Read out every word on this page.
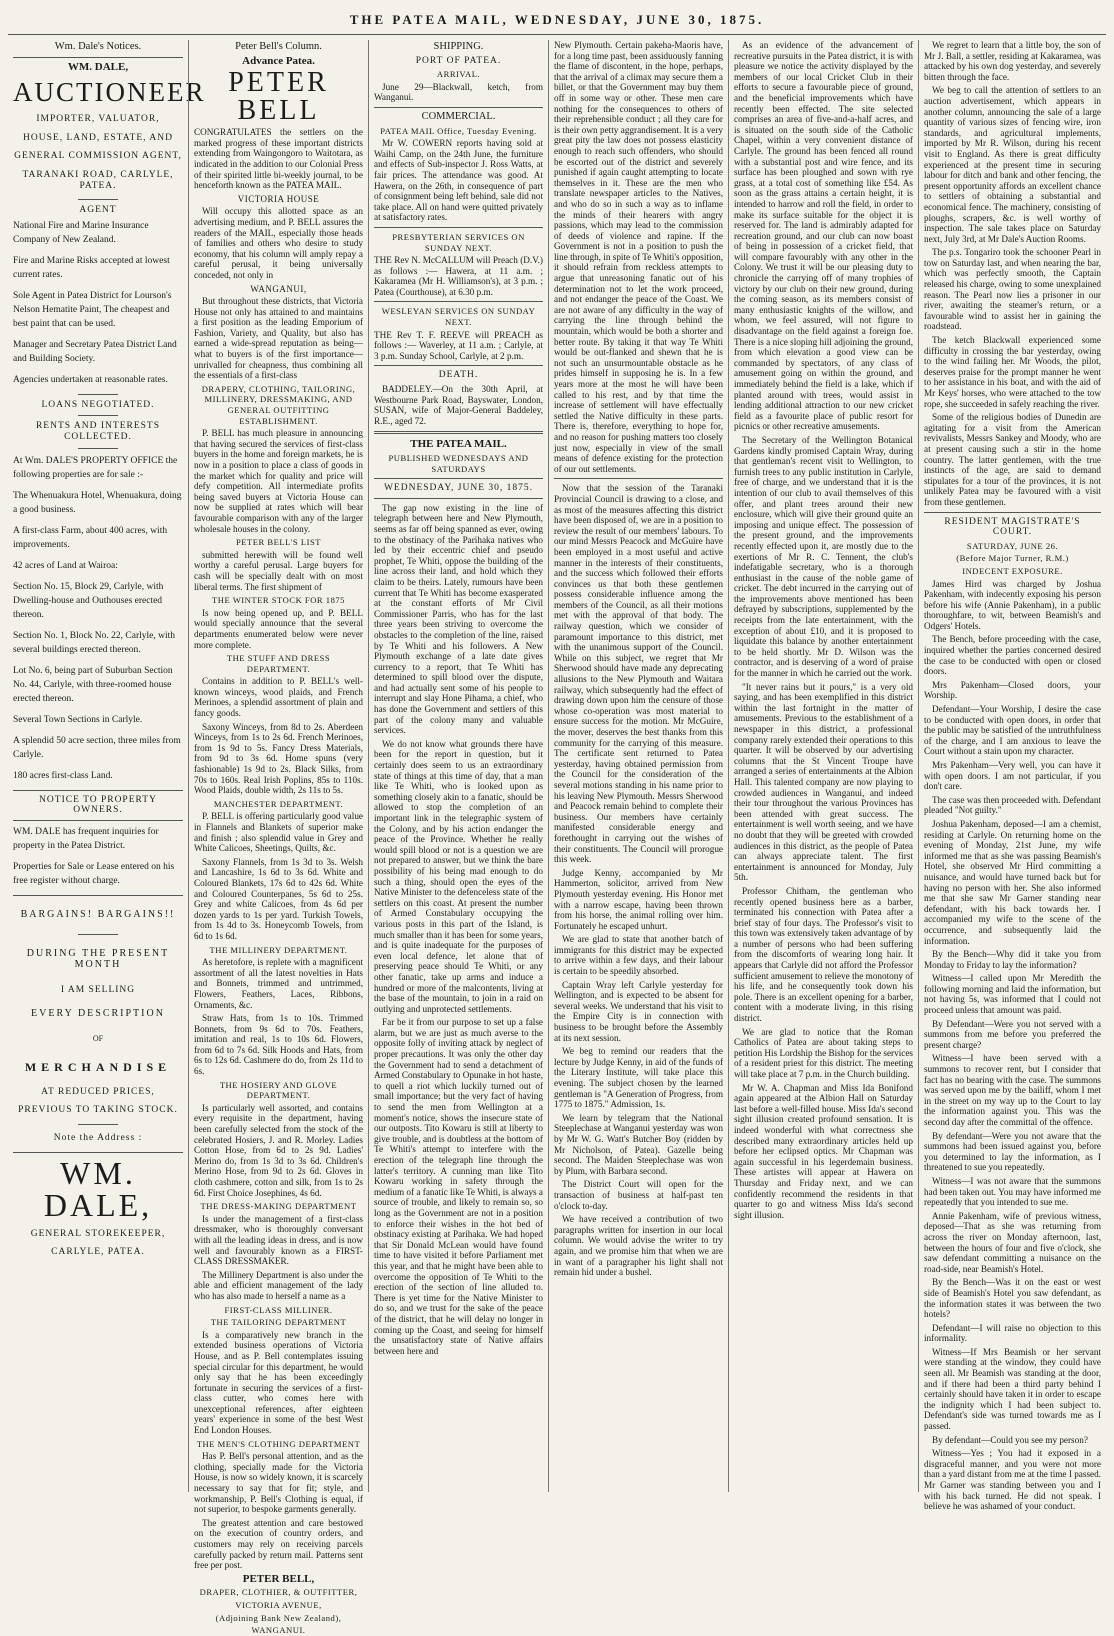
THE PATEA MAIL, WEDNESDAY, JUNE 30, 1875.
Wm. Dale's Notices.
WM. DALE,
AUCTIONEER
IMPORTER, VALUATOR,
HOUSE, LAND, ESTATE, AND
GENERAL COMMISSION AGENT,
TARANAKI ROAD, CARLYLE, PATEA.
AGENT

National Fire and Marine Insurance Company of New Zealand.

Fire and Marine Risks accepted at lowest current rates.

Sole Agent in Patea District for Lourson's Nelson Hematite Paint, The cheapest and best paint that can be used.

Manager and Secretary Patea District Land and Building Society.

Agencies undertaken at reasonable rates.

LOANS NEGOTIATED.
RENTS AND INTERESTS COLLECTED.

At Wm. DALE'S PROPERTY OFFICE the following properties are for sale :-

The Whenuakura Hotel, Whenuakura, doing a good business.

A first-class Farm, about 400 acres, with improvements.

42 acres of Land at Wairoa:

Section No. 15, Block 29, Carlyle, with Dwelling-house and Outhouses erected thereon.

Section No. 1, Block No. 22, Carlyle, with several buildings erected thereon.

Lot No. 6, being part of Suburban Section No. 44, Carlyle, with three-roomed house erected thereon.

Several Town Sections in Carlyle.

A splendid 50 acre section, three miles from Carlyle.

180 acres first-class Land.

NOTICE TO PROPERTY OWNERS.

WM. DALE has frequent inquiries for property in the Patea District.

Properties for Sale or Lease entered on his free register without charge.

BARGAINS! BARGAINS!!
DURING THE PRESENT MONTH
I AM SELLING
EVERY DESCRIPTION
OF
MERCHANDISE
AT REDUCED PRICES,
PREVIOUS TO TAKING STOCK.
Note the Address :
WM. DALE,
GENERAL STOREKEEPER,
CARLYLE, PATEA.
Peter Bell's Column.
Advance Patea.
PETER BELL

CONGRATULATES the settlers on the marked progress of these important districts extending from Waingongoro to Waitotara, as indicated in the addition to our Colonial Press of their spirited little bi-weekly journal, to be henceforth known as the PATEA MAIL.

VICTORIA HOUSE

Will occupy this allotted space as an advertising medium, and P. BELL assures the readers of the MAIL, especially those heads of families and others who desire to study economy, that his column will amply repay a careful perusal, it being universally conceded, not only in

WANGANUI,

But throughout these districts, that Victoria House not only has attained to and maintains a first position as the leading Emporium of Fashion, Variety, and Quality, but also has earned a wide-spread reputation as being—what to buyers is of the first importance—unrivalled for cheapness, thus combining all the essentials of a first-class

DRAPERY, CLOTHING, TAILORING, MILLINERY, DRESSMAKING, AND GENERAL OUTFITTING ESTABLISHMENT.

P. BELL has much pleasure in announcing that having secured the services of first-class buyers in the home and foreign markets, he is now in a position to place a class of goods in the market which for quality and price will defy competition. All intermediate profits being saved buyers at Victoria House can now be supplied at rates which will bear favourable comparison with any of the larger wholesale houses in the colony.

PETER BELL'S LIST

submitted herewith will be found well worthy a careful perusal. Large buyers for cash will be specially dealt with on most liberal terms. The first shipment of

THE WINTER STOCK FOR 1875

Is now being opened up, and P. BELL would specially announce that the several departments enumerated below were never more complete.

THE STUFF AND DRESS DEPARTMENT.

Contains in addition to P. BELL's well-known winceys, wood plaids, and French Merinoes, a splendid assortment of plain and fancy goods.

Saxony Winceys, from 8d to 2s. Aberdeen Winceys, from 1s to 2s 6d. French Merinoes, from 1s 9d to 5s. Fancy Dress Materials, from 9d to 3s 6d. Home spuns (very fashionable) 1s 9d to 2s. Black Silks, from 70s to 160s. Real Irish Poplins, 85s to 110s. Wood Plaids, double width, 2s 11s to 5s.

MANCHESTER DEPARTMENT.

P. BELL is offering particularly good value in Flannels and Blankets of superior make and finish ; also splendid value in Grey and White Calicoes, Sheetings, Quilts, &c.

Saxony Flannels, from 1s 3d to 3s. Welsh and Lancashire, 1s 6d to 3s 6d. White and Coloured Blankets, 17s 6d to 42s 6d. White and Coloured Counterpanes, 5s 6d to 25s. Grey and white Calicoes, from 4s 6d per dozen yards to 1s per yard. Turkish Towels, from 1s 4d to 3s. Honeycomb Towels, from 6d to 1s 6d.

THE MILLINERY DEPARTMENT.

As heretofore, is replete with a magnificent assortment of all the latest novelties in Hats and Bonnets, trimmed and untrimmed, Flowers, Feathers, Laces, Ribbons, Ornaments, &c.

Straw Hats, from 1s to 10s. Trimmed Bonnets, from 9s 6d to 70s. Feathers, imitation and real, 1s to 10s 6d. Flowers, from 6d to 7s 6d. Silk Hoods and Hats, from 6s to 12s 6d. Cashmere do do, from 2s 11d to 6s.

THE HOSIERY AND GLOVE DEPARTMENT.

Is particularly well assorted, and contains every requisite in the department, having been carefully selected from the stock of the celebrated Hosiers, J. and R. Morley. Ladies Cotton Hose, from 6d to 2s 9d. Ladies' Merino do, from 1s 3d to 3s 6d. Children's Merino Hose, from 9d to 2s 6d. Gloves in cloth cashmere, cotton and silk, from 1s to 2s 6d. First Choice Josephines, 4s 6d.

THE DRESS-MAKING DEPARTMENT

Is under the management of a first-class dressmaker, who is thoroughly conversant with all the leading ideas in dress, and is now well and favourably known as a FIRST-CLASS DRESSMAKER.

The Millinery Department is also under the able and efficient management of the lady who has also made to herself a name as a

FIRST-CLASS MILLINER.
THE TAILORING DEPARTMENT

Is a comparatively new branch in the extended business operations of Victoria House, and as P. Bell contemplates issuing special circular for this department, he would only say that he has been exceedingly fortunate in securing the services of a first-class cutter, who comes here with unexceptional references, after eighteen years' experience in some of the best West End London Houses.

THE MEN'S CLOTHING DEPARTMENT

Has P. Bell's personal attention, and as the clothing, specially made for the Victoria House, is now so widely known, it is scarcely necessary to say that for fit; style, and workmanship, P. Bell's Clothing is equal, if not superior, to bespoke garments generally.

The greatest attention and care bestowed on the execution of country orders, and customers may rely on receiving parcels carefully packed by return mail. Patterns sent free per post.

PETER BELL,
DRAPER, CLOTHIER, & OUTFITTER,
VICTORIA AVENUE,
(Adjoining Bank New Zealand),
WANGANUI.
SHIPPING.
PORT OF PATEA.
ARRIVAL.

June 29—Blackwall, ketch, from Wanganui.

COMMERCIAL.
PATEA MAIL Office, Tuesday Evening.

Mr W. COWERN reports having sold at Waihi Camp, on the 24th June, the furniture and effects of Sub-inspector J. Ross Watts, at fair prices. The attendance was good. At Hawera, on the 26th, in consequence of part of consignment being left behind, sale did not take place. All on hand were quitted privately at satisfactory rates.

PRESBYTERIAN SERVICES ON SUNDAY NEXT.

THE Rev N. McCALLUM will Preach (D.V.) as follows :— Hawera, at 11 a.m. ; Kakaramea (Mr H. Williamson's), at 3 p.m. ; Patea (Courthouse), at 6.30 p.m.

WESLEYAN SERVICES ON SUNDAY NEXT.

THE Rev T. F. REEVE will PREACH as follows :— Waverley, at 11 a.m. ; Carlyle, at 3 p.m. Sunday School, Carlyle, at 2 p.m.

DEATH.

BADDELEY.—On the 30th April, at Westbourne Park Road, Bayswater, London, SUSAN, wife of Major-General Baddeley, R.E., aged 72.

THE PATEA MAIL.
PUBLISHED WEDNESDAYS AND SATURDAYS
WEDNESDAY, JUNE 30, 1875.

The gap now existing in the line of telegraph between here and New Plymouth, seems as far off being spanned as ever, owing to the obstinacy of the Parihaka natives who led by their eccentric chief and pseudo prophet, Te Whiti, oppose the building of the line across their land, and hold which they claim to be theirs. Lately, rumours have been current that Te Whiti has become exasperated at the constant efforts of Mr Civil Commissioner Parris, who has for the last three years been striving to overcome the obstacles to the completion of the line, raised by Te Whiti and his followers. A New Plymouth exchange of a late date gives currency to a report, that Te Whiti has determined to spill blood over the dispute, and had actually sent some of his people to interrupt and slay Hone Pihama, a chief, who has done the Government and settlers of this part of the colony many and valuable services.

We do not know what grounds there have been for the report in question, but it certainly does seem to us an extraordinary state of things at this time of day, that a man like Te Whiti, who is looked upon as something closely akin to a fanatic, should be allowed to stop the completion of an important link in the telegraphic system of the Colony, and by his action endanger the peace of the Province. Whether he really would spill blood or not is a question we are not prepared to answer, but we think the bare possibility of his being mad enough to do such a thing, should open the eyes of the Native Minister to the defenceless state of the settlers on this coast. At present the number of Armed Constabulary occupying the various posts in this part of the Island, is much smaller than it has been for some years, and is quite inadequate for the purposes of even local defence, let alone that of preserving peace should Te Whiti, or any other fanatic, take up arms and induce a hundred or more of the malcontents, living at the base of the mountain, to join in a raid on outlying and unprotected settlements.

Far be it from our purpose to set up a false alarm, but we are just as much averse to the opposite folly of inviting attack by neglect of proper precautions. It was only the other day the Government had to send a detachment of Armed Constabulary to Opunake in hot haste, to quell a riot which luckily turned out of small importance; but the very fact of having to send the men from Wellington at a moment's notice, shows the insecure state of our outposts. Tito Kowaru is still at liberty to give trouble, and is doubtless at the bottom of Te Whiti's attempt to interfere with the erection of the telegraph line through the latter's territory. A cunning man like Tito Kowaru working in safety through the medium of a fanatic like Te Whiti, is always a source of trouble, and likely to remain so, so long as the Government are not in a position to enforce their wishes in the hot bed of obstinacy existing at Parihaka. We had hoped that Sir Donald McLean would have found time to have visited it before Parliament met this year, and that he might have been able to overcome the opposition of Te Whiti to the erection of the section of line alluded to. There is yet time for the Native Minister to do so, and we trust for the sake of the peace of the district, that he will delay no longer in coming up the Coast, and seeing for himself the unsatisfactory state of Native affairs between here and

New Plymouth. Certain pakeha-Maoris have, for a long time past, been assiduously fanning the flame of discontent, in the hope, perhaps, that the arrival of a climax may secure them a billet, or that the Government may buy them off in some way or other. These men care nothing for the consequences to others of their reprehensible conduct ; all they care for is their own petty aggrandisement. It is a very great pity the law does not possess elasticity enough to reach such offenders, who should be escorted out of the district and severely punished if again caught attempting to locate themselves in it. These are the men who translate newspaper articles to the Natives, and who do so in such a way as to inflame the minds of their hearers with angry passions, which may lead to the commission of deeds of violence and rapine. If the Government is not in a position to push the line through, in spite of Te Whiti's opposition, it should refrain from reckless attempts to argue that unreasoning fanatic out of his determination not to let the work proceed, and not endanger the peace of the Coast. We are not aware of any difficulty in the way of carrying the line through behind the mountain, which would be both a shorter and better route. By taking it that way Te Whiti would be out-flanked and shewn that he is not such an unsurmountable obstacle as he prides himself in supposing he is. In a few years more at the most he will have been called to his rest, and by that time the increase of settlement will have effectually settled the Native difficulty in these parts. There is, therefore, everything to hope for, and no reason for pushing matters too closely just now, especially in view of the small means of defence existing for the protection of our out settlements.

Now that the session of the Taranaki Provincial Council is drawing to a close, and as most of the measures affecting this district have been disposed of, we are in a position to review the result of our members' labours. To our mind Messrs Peacock and McGuire have been employed in a most useful and active manner in the interests of their constituents, and the success which followed their efforts convinces us that both these gentlemen possess considerable influence among the members of the Council, as all their motions met with the approval of that body. The railway question, which we consider of paramount importance to this district, met with the unanimous support of the Council. While on this subject, we regret that Mr Sherwood should have made any deprecating allusions to the New Plymouth and Waitara railway, which subsequently had the effect of drawing down upon him the censure of those whose co-operation was most material to ensure success for the motion. Mr McGuire, the mover, deserves the best thanks from this community for the carrying of this measure. The certificate sent returned to Patea yesterday, having obtained permission from the Council for the consideration of the several motions standing in his name prior to his leaving New Plymouth. Messrs Sherwood and Peacock remain behind to complete their business. Our members have certainly manifested considerable energy and forethought in carrying out the wishes of their constituents. The Council will prorogue this week.

Judge Kenny, accompanied by Mr Hammerton, solicitor, arrived from New Plymouth yesterday evening. His Honor met with a narrow escape, having been thrown from his horse, the animal rolling over him. Fortunately he escaped unhurt.

We are glad to state that another batch of immigrants for this district may be expected to arrive within a few days, and their labour is certain to be speedily absorbed.

Captain Wray left Carlyle yesterday for Wellington, and is expected to be absent for several weeks. We understand that his visit to the Empire City is in connection with business to be brought before the Assembly at its next session.

We beg to remind our readers that the lecture by Judge Kenny, in aid of the funds of the Literary Institute, will take place this evening. The subject chosen by the learned gentleman is "A Generation of Progress, from 1775 to 1875." Admission, 1s.

We learn by telegram that the National Steeplechase at Wanganui yesterday was won by Mr W. G. Watt's Butcher Boy (ridden by Mr Nicholson, of Patea). Gazelle being second. The Maiden Steeplechase was won by Plum, with Barbara second.

The District Court will open for the transaction of business at half-past ten o'clock to-day.

We have received a contribution of two paragraphs written for insertion in our local column. We would advise the writer to try again, and we promise him that when we are in want of a paragrapher his light shall not remain hid under a bushel.

As an evidence of the advancement of recreative pursuits in the Patea district, it is with pleasure we notice the activity displayed by the members of our local Cricket Club in their efforts to secure a favourable piece of ground, and the beneficial improvements which have recently been effected. The site selected comprises an area of five-and-a-half acres, and is situated on the south side of the Catholic Chapel, within a very convenient distance of Carlyle. The ground has been fenced all round with a substantial post and wire fence, and its surface has been ploughed and sown with rye grass, at a total cost of something like £54. As soon as the grass attains a certain height, it is intended to harrow and roll the field, in order to make its surface suitable for the object it is reserved for. The land is admirably adapted for recreation ground, and our club can now boast of being in possession of a cricket field, that will compare favourably with any other in the Colony. We trust it will be our pleasing duty to chronicle the carrying off of many trophies of victory by our club on their new ground, during the coming season, as its members consist of many enthusiastic knights of the willow, and whom, we feel assured, will not figure to disadvantage on the field against a foreign foe. There is a nice sloping hill adjoining the ground, from which elevation a good view can be commanded by spectators, of any class of amusement going on within the ground, and immediately behind the field is a lake, which if planted around with trees, would assist in lending additional attraction to our new cricket field as a favourite place of public resort for picnics or other recreative amusements.

The Secretary of the Wellington Botanical Gardens kindly promised Captain Wray, during that gentleman's recent visit to Wellington, to furnish trees to any public institution in Carlyle, free of charge, and we understand that it is the intention of our club to avail themselves of this offer, and plant trees around their new enclosure, which will give their ground quite an imposing and unique effect. The possession of the present ground, and the improvements recently effected upon it, are mostly due to the exertions of Mr R. C. Tennent, the club's indefatigable secretary, who is a thorough enthusiast in the cause of the noble game of cricket. The debt incurred in the carrying out of the improvements above mentioned has been defrayed by subscriptions, supplemented by the receipts from the late entertainment, with the exception of about £10, and it is proposed to liquidate this balance by another entertainment to be held shortly. Mr D. Wilson was the contractor, and is deserving of a word of praise for the manner in which he carried out the work.

"It never rains but it pours," is a very old saying, and has been exemplified in this district within the last fortnight in the matter of amusements. Previous to the establishment of a newspaper in this district, a professional company rarely extended their operations to this quarter. It will be observed by our advertising columns that the St Vincent Troupe have arranged a series of entertainments at the Albion Hall. This talented company are now playing to crowded audiences in Wanganui, and indeed their tour throughout the various Provinces has been attended with great success. The entertainment is well worth seeing, and we have no doubt that they will be greeted with crowded audiences in this district, as the people of Patea can always appreciate talent. The first entertainment is announced for Monday, July 5th.

Professor Chitham, the gentleman who recently opened business here as a barber, terminated his connection with Patea after a brief stay of four days. The Professor's visit to this town was extensively taken advantage of by a number of persons who had been suffering from the discomforts of wearing long hair. It appears that Carlyle did not afford the Professor sufficient amusement to relieve the monotony of his life, and he consequently took down his pole. There is an excellent opening for a barber, content with a moderate living, in this rising district.

We are glad to notice that the Roman Catholics of Patea are about taking steps to petition His Lordship the Bishop for the services of a resident priest for this district. The meeting will take place at 7 p.m. in the Church building.

Mr W. A. Chapman and Miss Ida Bonifond again appeared at the Albion Hall on Saturday last before a well-filled house. Miss Ida's second sight illusion created profound sensation. It is indeed wonderful with what correctness she described many extraordinary articles held up before her eclipsed optics. Mr Chapman was again successful in his legerdemain business. These artistes will appear at Hawera on Thursday and Friday next, and we can confidently recommend the residents in that quarter to go and witness Miss Ida's second sight illusion.

We regret to learn that a little boy, the son of Mr J. Ball, a settler, residing at Kakaramea, was attacked by his own dog yesterday, and severely bitten through the face.

We beg to call the attention of settlers to an auction advertisement, which appears in another column, announcing the sale of a large quantity of various sizes of fencing wire, iron standards, and agricultural implements, imported by Mr R. Wilson, during his recent visit to England. As there is great difficulty experienced at the present time in securing labour for ditch and bank and other fencing, the present opportunity affords an excellent chance to settlers of obtaining a substantial and economical fence. The machinery, consisting of ploughs, scrapers, &c. is well worthy of inspection. The sale takes place on Saturday next, July 3rd, at Mr Dale's Auction Rooms.

The p.s. Tongariro took the schooner Pearl in tow on Saturday last, and when nearing the bar, which was perfectly smooth, the Captain released his charge, owing to some unexplained reason. The Pearl now lies a prisoner in our river, awaiting the steamer's return, or a favourable wind to assist her in gaining the roadstead.

The ketch Blackwall experienced some difficulty in crossing the bar yesterday, owing to the wind failing her. Mr Woods, the pilot, deserves praise for the prompt manner he went to her assistance in his boat, and with the aid of Mr Keys' horses, who were attached to the tow rope, she succeeded in safely reaching the river.

Some of the religious bodies of Dunedin are agitating for a visit from the American revivalists, Messrs Sankey and Moody, who are at present causing such a stir in the home country. The latter gentlemen, with the true instincts of the age, are said to demand stipulates for a tour of the provinces, it is not unlikely Patea may be favoured with a visit from these gentlemen.

RESIDENT MAGISTRATE'S COURT.
SATURDAY, JUNE 26.
(Before Major Turner, R.M.)
INDECENT EXPOSURE.

James Hird was charged by Joshua Pakenham, with indecently exposing his person before his wife (Annie Pakenham), in a public thoroughfare, to wit, between Beamish's and Odgers' Hotels.

The Bench, before proceeding with the case, inquired whether the parties concerned desired the case to be conducted with open or closed doors.

Mrs Pakenham—Closed doors, your Worship.

Defendant—Your Worship, I desire the case to be conducted with open doors, in order that the public may be satisfied of the untruthfulness of the charge, and I am anxious to leave the Court without a stain upon my character.

Mrs Pakenham—Very well, you can have it with open doors. I am not particular, if you don't care.

The case was then proceeded with. Defendant pleaded "Not guilty."

Joshua Pakenham, deposed—I am a chemist, residing at Carlyle. On returning home on the evening of Monday, 21st June, my wife informed me that as she was passing Beamish's Hotel, she observed Mr Hird committing a nuisance, and would have turned back but for having no person with her. She also informed me that she saw Mr Garner standing near defendant, with his back towards her. I accompanied my wife to the scene of the occurrence, and subsequently laid the information.

By the Bench—Why did it take you from Monday to Friday to lay the information?

Witness—I called upon Mr Meredith the following morning and laid the information, but not having 5s, was informed that I could not proceed unless that amount was paid.

By Defendant—Were you not served with a summons from me before you preferred the present charge?

Witness—I have been served with a summons to recover rent, but I consider that fact has no bearing with the case. The summons was served upon me by the bailiff, whom I met in the street on my way up to the Court to lay the information against you. This was the second day after the committal of the offence.

By defendant—Were you not aware that the summons had been issued against you, before you determined to lay the information, as I threatened to sue you repeatedly.

Witness—I was not aware that the summons had been taken out. You may have informed me repeatedly that you intended to sue me.

Annie Pakenham, wife of previous witness, deposed—That as she was returning from across the river on Monday afternoon, last, between the hours of four and five o'clock, she saw defendant committing a nuisance on the road-side, near Beamish's Hotel.

By the Bench—Was it on the east or west side of Beamish's Hotel you saw defendant, as the information states it was between the two hotels?

Defendant—I will raise no objection to this informality.

Witness—If Mrs Beamish or her servant were standing at the window, they could have seen all. Mr Beamish was standing at the door, and if there had been a third party behind I certainly should have taken it in order to escape the indignity which I had been subject to. Defendant's side was turned towards me as I passed.

By defendant—Could you see my person?

Witness—Yes ; You had it exposed in a disgraceful manner, and you were not more than a yard distant from me at the time I passed. Mr Garner was standing between you and I with his back turned. He did not speak. I believe he was ashamed of your conduct.
